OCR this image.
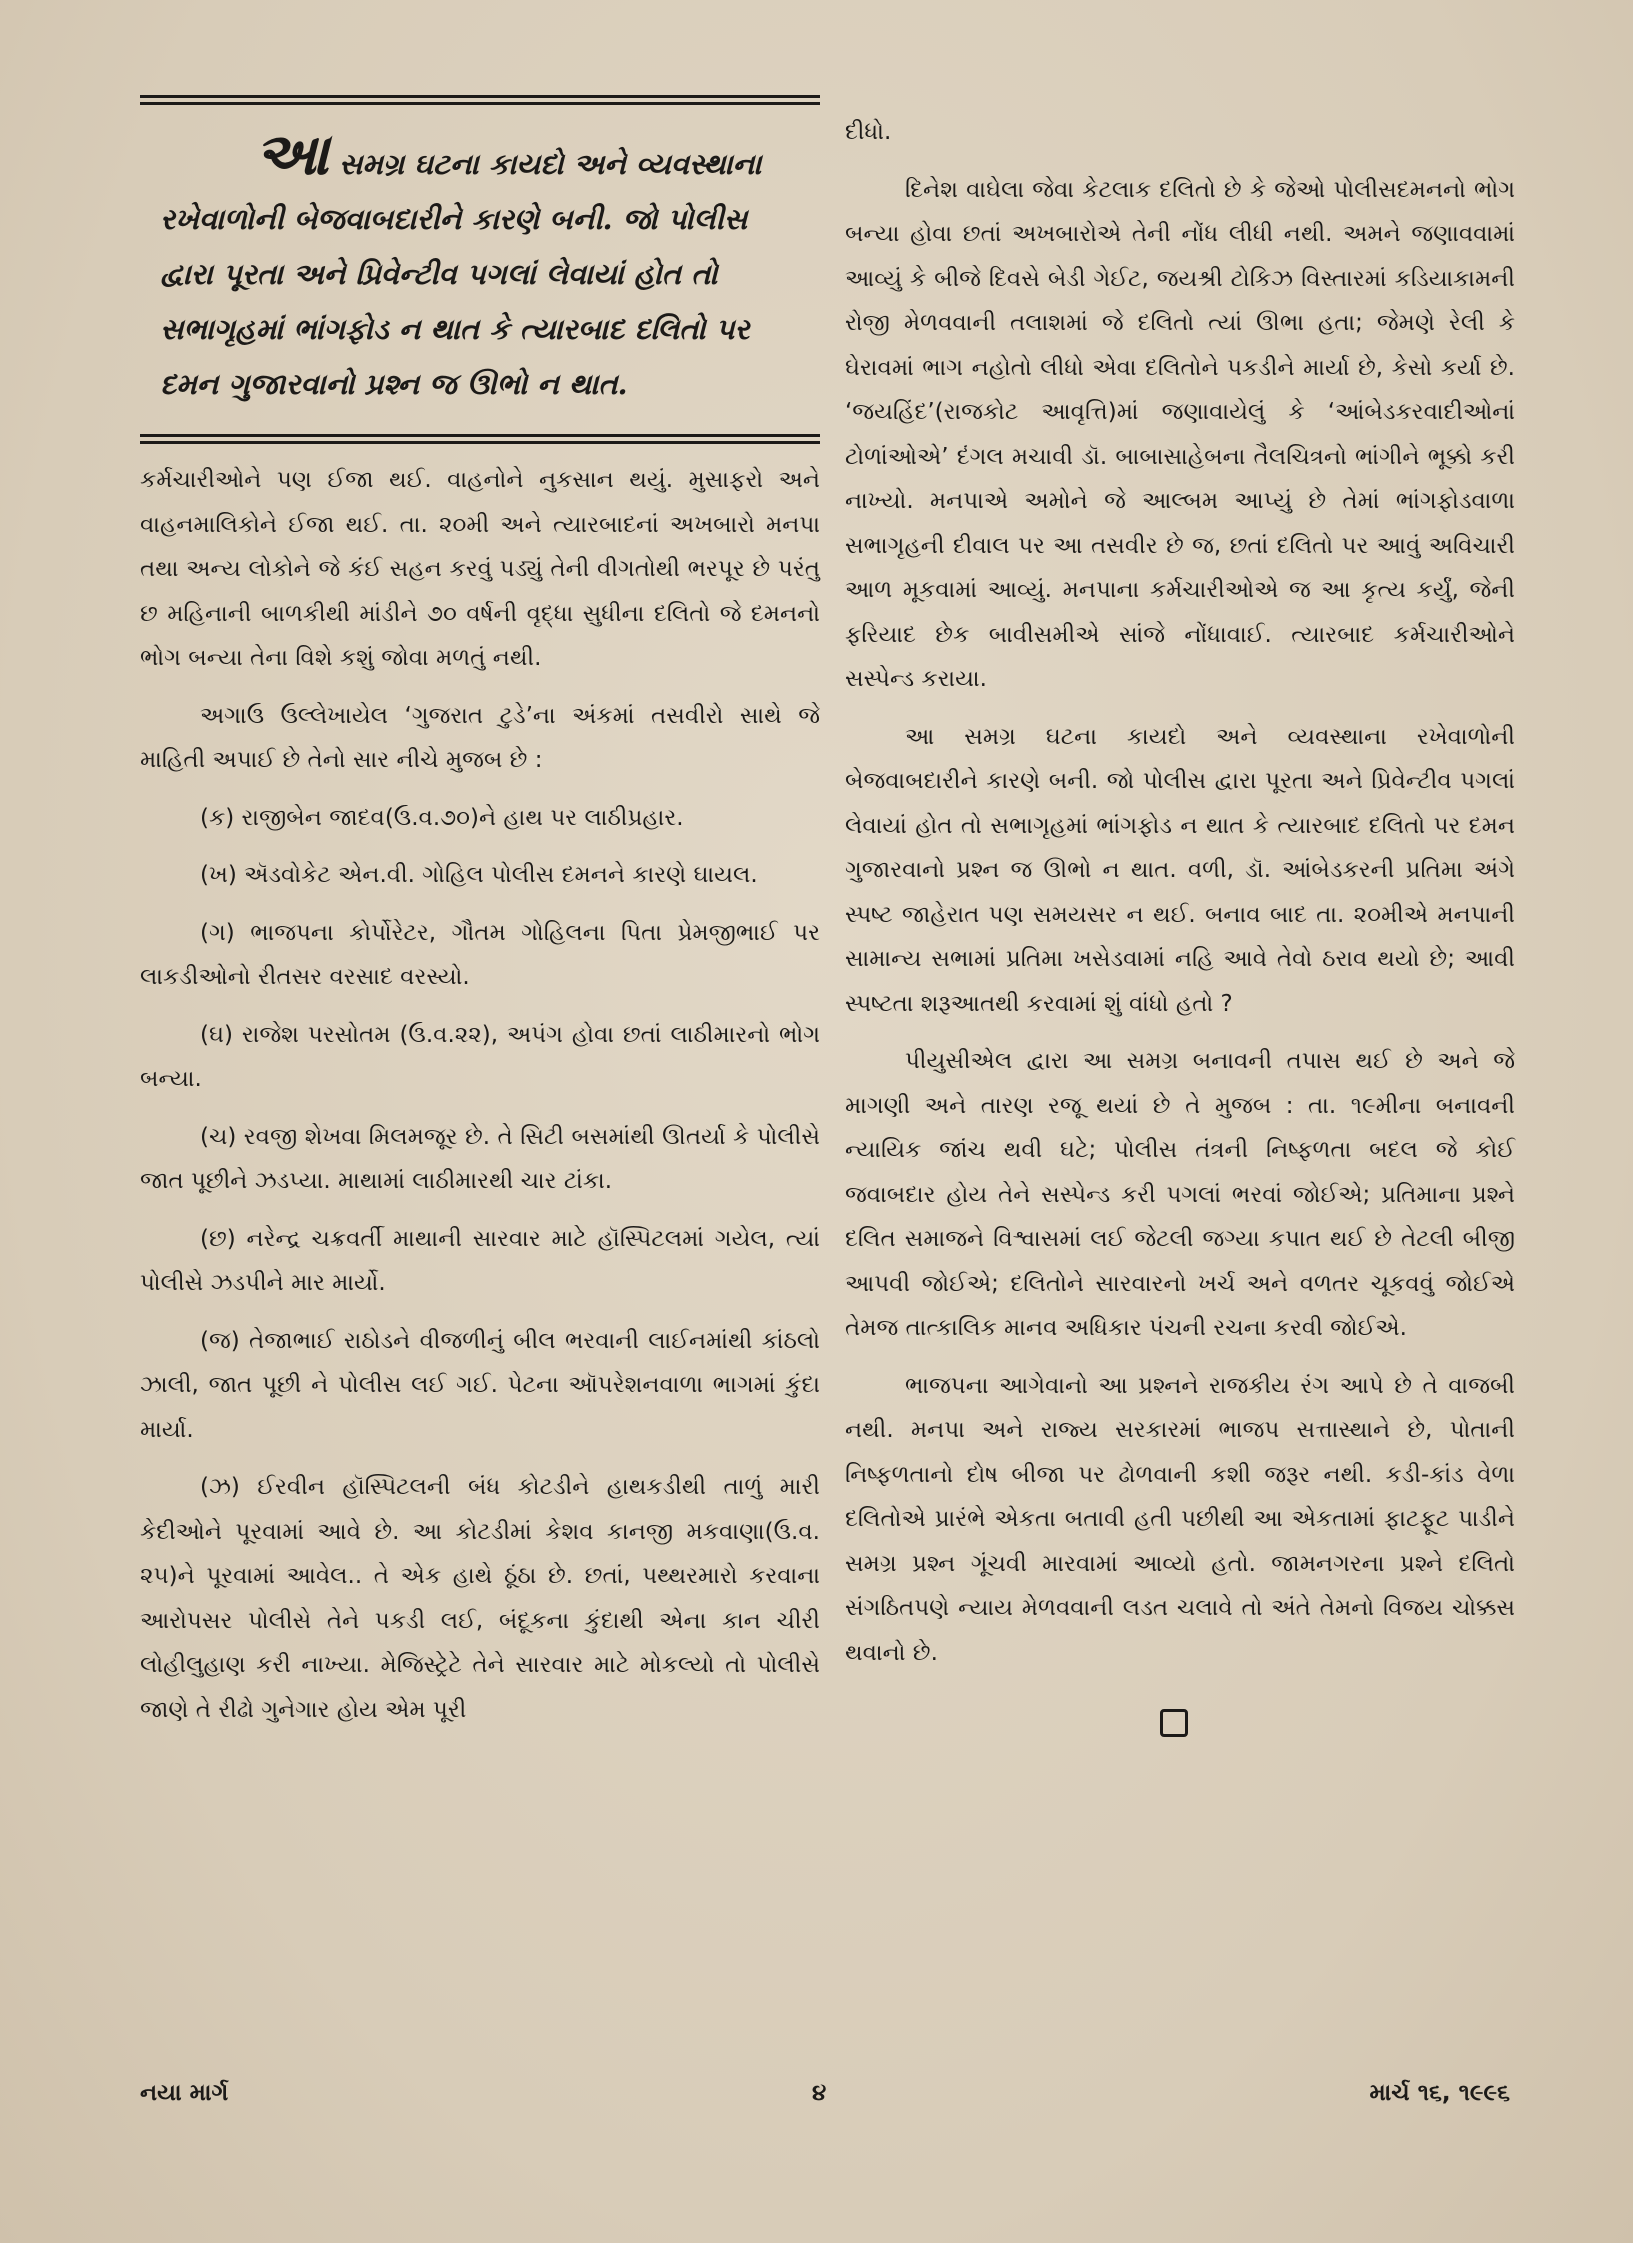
આ સમગ્ર ઘટના કાયદો અને વ્યવસ્થાના રખેવાળોની બેજવાબદારીને કારણે બની. જો પોલીસ દ્વારા પૂરતા અને પ્રિવેન્ટીવ પગલાં લેવાયાં હોત તો સભાગૃહમાં ભાંગફોડ ન થાત કે ત્યારબાદ દલિતો પર દમન ગુજારવાનો પ્રશ્ન જ ઊભો ન થાત.

કર્મચારીઓને પણ ઈજા થઈ. વાહનોને નુકસાન થયું. મુસાફરો અને વાહનમાલિકોને ઈજા થઈ. તા. ૨૦મી અને ત્યારબાદનાં અખબારો મનપા તથા અન્ય લોકોને જે કંઈ સહન કરવું પડ્યું તેની વીગતોથી ભરપૂર છે પરંતુ છ મહિનાની બાળકીથી માંડીને ૭૦ વર્ષની વૃદ્ધા સુધીના દલિતો જે દમનનો ભોગ બન્યા તેના વિશે કશું જોવા મળતું નથી.

અગાઉ ઉલ્લેખાયેલ ‘ગુજરાત ટુડે’ના અંકમાં તસવીરો સાથે જે માહિતી અપાઈ છે તેનો સાર નીચે મુજબ છે :

(ક) રાજીબેન જાદવ(ઉ.વ.૭૦)ને હાથ પર લાઠીપ્રહાર.

(ખ) ઍડવોકેટ એન.વી. ગોહિલ પોલીસ દમનને કારણે ઘાયલ.

(ગ) ભાજપના કોર્પોરેટર, ગૌતમ ગોહિલના પિતા પ્રેમજીભાઈ પર લાકડીઓનો રીતસર વરસાદ વરસ્યો.

(ઘ) રાજેશ પરસોતમ (ઉ.વ.૨૨), અપંગ હોવા છતાં લાઠીમારનો ભોગ બન્યા.

(ચ) રવજી શેખવા મિલમજૂર છે. તે સિટી બસમાંથી ઊતર્યા કે પોલીસે જાત પૂછીને ઝડપ્યા. માથામાં લાઠીમારથી ચાર ટાંકા.

(છ) નરેન્દ્ર ચક્રવર્તી માથાની સારવાર માટે હૉસ્પિટલમાં ગયેલ, ત્યાં પોલીસે ઝડપીને માર માર્યો.

(જ) તેજાભાઈ રાઠોડને વીજળીનું બીલ ભરવાની લાઈનમાંથી કાંઠલો ઝાલી, જાત પૂછી ને પોલીસ લઈ ગઈ. પેટના ઑપરેશનવાળા ભાગમાં કુંદા માર્યા.

(ઝ) ઈરવીન હૉસ્પિટલની બંધ કોટડીને હાથકડીથી તાળું મારી કેદીઓને પૂરવામાં આવે છે. આ કોટડીમાં કેશવ કાનજી મકવાણા(ઉ.વ. ૨૫)ને પૂરવામાં આવેલ.. તે એક હાથે ઠૂંઠા છે. છતાં, પથ્થરમારો કરવાના આરોપસર પોલીસે તેને પકડી લઈ, બંદૂકના કુંદાથી એના કાન ચીરી લોહીલુહાણ કરી નાખ્યા. મેજિસ્ટ્રેટે તેને સારવાર માટે મોકલ્યો તો પોલીસે જાણે તે રીઢો ગુનેગાર હોય એમ પૂરી

દીધો.

દિનેશ વાઘેલા જેવા કેટલાક દલિતો છે કે જેઓ પોલીસદમનનો ભોગ બન્યા હોવા છતાં અખબારોએ તેની નોંધ લીધી નથી. અમને જણાવવામાં આવ્યું કે બીજે દિવસે બેડી ગેઈટ, જયશ્રી ટોકિઝ વિસ્તારમાં કડિયાકામની રોજી મેળવવાની તલાશમાં જે દલિતો ત્યાં ઊભા હતા; જેમણે રેલી કે ઘેરાવમાં ભાગ નહોતો લીધો એવા દલિતોને પકડીને માર્યા છે, કેસો કર્યા છે. ‘જયહિંદ’(રાજકોટ આવૃત્તિ)માં જણાવાયેલું કે ‘આંબેડકરવાદીઓનાં ટોળાંઓએ’ દંગલ મચાવી ડૉ. બાબાસાહેબના તૈલચિત્રનો ભાંગીને ભૂક્કો કરી નાખ્યો. મનપાએ અમોને જે આલ્બમ આપ્યું છે તેમાં ભાંગફોડવાળા સભાગૃહની દીવાલ પર આ તસવીર છે જ, છતાં દલિતો પર આવું અવિચારી આળ મૂકવામાં આવ્યું. મનપાના કર્મચારીઓએ જ આ કૃત્ય કર્યું, જેની ફરિયાદ છેક બાવીસમીએ સાંજે નોંધાવાઈ. ત્યારબાદ કર્મચારીઓને સસ્પેન્ડ કરાયા.

આ સમગ્ર ઘટના કાયદો અને વ્યવસ્થાના રખેવાળોની બેજવાબદારીને કારણે બની. જો પોલીસ દ્વારા પૂરતા અને પ્રિવેન્ટીવ પગલાં લેવાયાં હોત તો સભાગૃહમાં ભાંગફોડ ન થાત કે ત્યારબાદ દલિતો પર દમન ગુજારવાનો પ્રશ્ન જ ઊભો ન થાત. વળી, ડૉ. આંબેડકરની પ્રતિમા અંગે સ્પષ્ટ જાહેરાત પણ સમયસર ન થઈ. બનાવ બાદ તા. ૨૦મીએ મનપાની સામાન્ય સભામાં પ્રતિમા ખસેડવામાં નહિ આવે તેવો ઠરાવ થયો છે; આવી સ્પષ્ટતા શરૂઆતથી કરવામાં શું વાંધો હતો ?

પીયુસીએલ દ્વારા આ સમગ્ર બનાવની તપાસ થઈ છે અને જે માગણી અને તારણ રજૂ થયાં છે તે મુજબ : તા. ૧૯મીના બનાવની ન્યાયિક જાંચ થવી ઘટે; પોલીસ તંત્રની નિષ્ફળતા બદલ જે કોઈ જવાબદાર હોય તેને સસ્પેન્ડ કરી પગલાં ભરવાં જોઈએ; પ્રતિમાના પ્રશ્ને દલિત સમાજને વિશ્વાસમાં લઈ જેટલી જગ્યા કપાત થઈ છે તેટલી બીજી આપવી જોઈએ; દલિતોને સારવારનો ખર્ચ અને વળતર ચૂકવવું જોઈએ તેમજ તાત્કાલિક માનવ અધિકાર પંચની રચના કરવી જોઈએ.

ભાજપના આગેવાનો આ પ્રશ્નને રાજકીય રંગ આપે છે તે વાજબી નથી. મનપા અને રાજ્ય સરકારમાં ભાજપ સત્તાસ્થાને છે, પોતાની નિષ્ફળતાનો દોષ બીજા પર ઢોળવાની કશી જરૂર નથી. કડી-કાંડ વેળા દલિતોએ પ્રારંભે એકતા બતાવી હતી પછીથી આ એકતામાં ફાટફૂટ પાડીને સમગ્ર પ્રશ્ન ગૂંચવી મારવામાં આવ્યો હતો. જામનગરના પ્રશ્ને દલિતો સંગઠિતપણે ન્યાય મેળવવાની લડત ચલાવે તો અંતે તેમનો વિજય ચોક્કસ થવાનો છે.

નયા માર્ગ	૪	માર્ચ ૧૬, ૧૯૯૬
